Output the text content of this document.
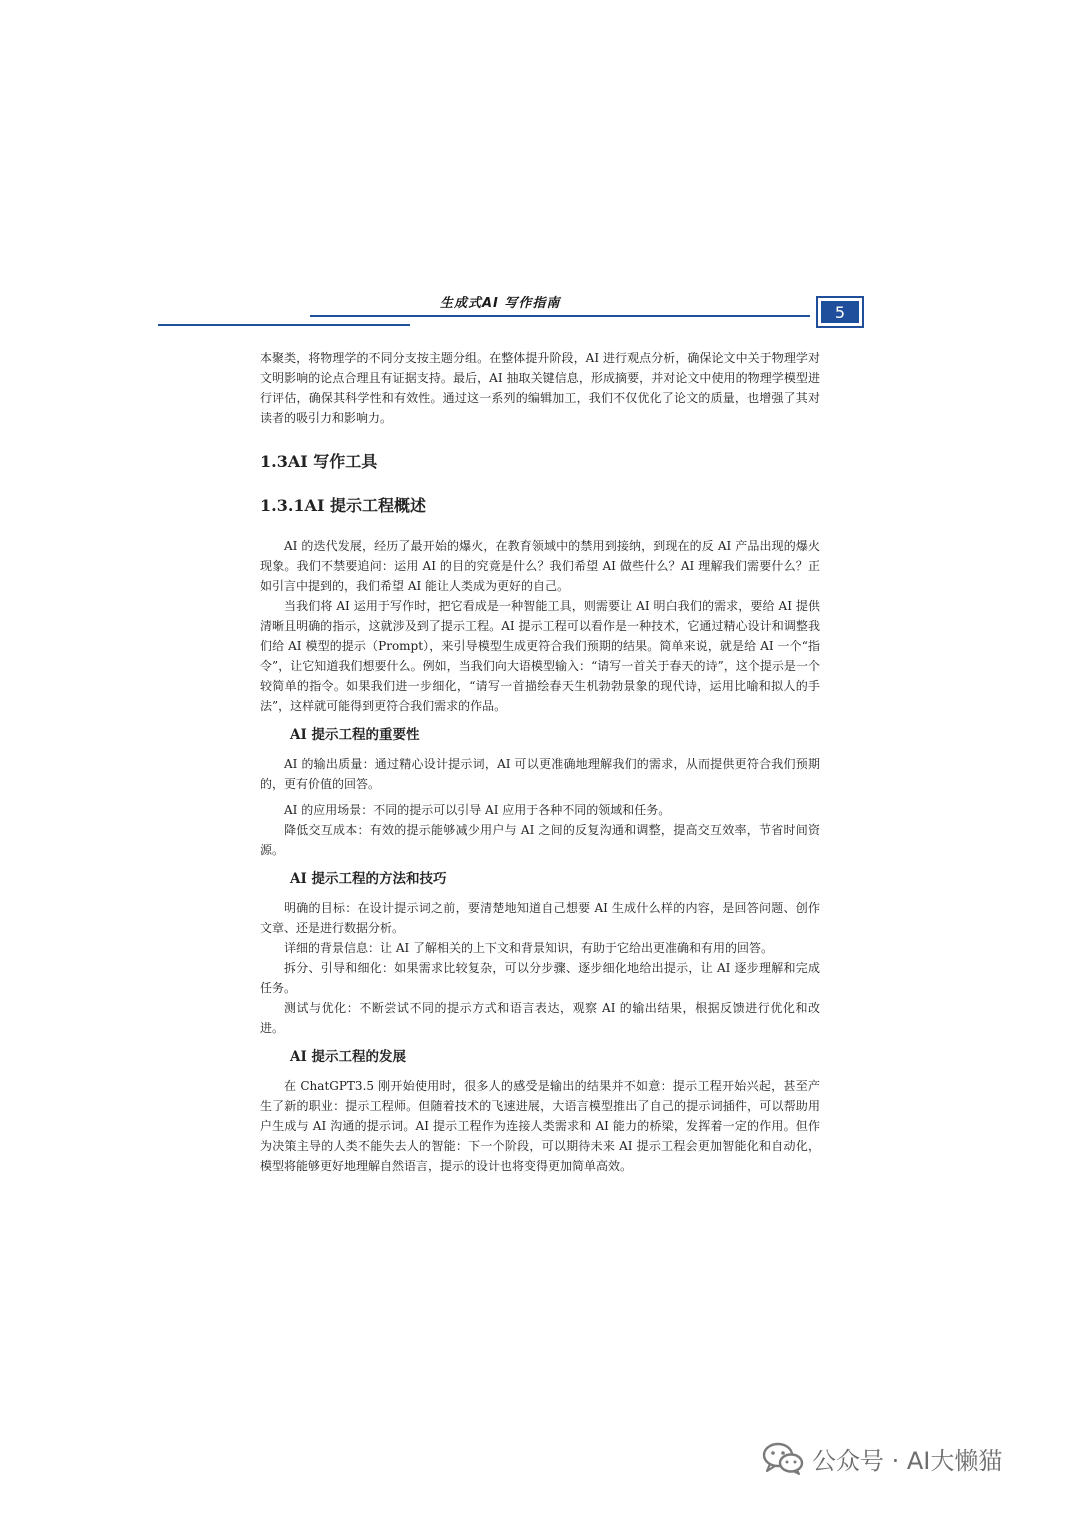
生成式AI 写作指南	5

本聚类，将物理学的不同分支按主题分组。在整体提升阶段，AI 进行观点分析，确保论文中关于物理学对文明影响的论点合理且有证据支持。最后，AI 抽取关键信息，形成摘要，并对论文中使用的物理学模型进行评估，确保其科学性和有效性。通过这一系列的编辑加工，我们不仅优化了论文的质量，也增强了其对读者的吸引力和影响力。

1.3AI 写作工具
1.3.1AI 提示工程概述

AI 的迭代发展，经历了最开始的爆火，在教育领域中的禁用到接纳，到现在的反 AI 产品出现的爆火现象。我们不禁要追问：运用 AI 的目的究竟是什么？我们希望 AI 做些什么？AI 理解我们需要什么？正如引言中提到的，我们希望 AI 能让人类成为更好的自己。

当我们将 AI 运用于写作时，把它看成是一种智能工具，则需要让 AI 明白我们的需求，要给 AI 提供清晰且明确的指示，这就涉及到了提示工程。AI 提示工程可以看作是一种技术，它通过精心设计和调整我们给 AI 模型的提示（Prompt），来引导模型生成更符合我们预期的结果。简单来说，就是给 AI 一个“指令”，让它知道我们想要什么。例如，当我们向大语模型输入：“请写一首关于春天的诗”，这个提示是一个较简单的指令。如果我们进一步细化，“请写一首描绘春天生机勃勃景象的现代诗，运用比喻和拟人的手法”，这样就可能得到更符合我们需求的作品。

AI 提示工程的重要性

AI 的输出质量：通过精心设计提示词，AI 可以更准确地理解我们的需求，从而提供更符合我们预期的，更有价值的回答。

AI 的应用场景：不同的提示可以引导 AI 应用于各种不同的领域和任务。

降低交互成本：有效的提示能够减少用户与 AI 之间的反复沟通和调整，提高交互效率，节省时间资源。

AI 提示工程的方法和技巧

明确的目标：在设计提示词之前，要清楚地知道自己想要 AI 生成什么样的内容，是回答问题、创作文章、还是进行数据分析。

详细的背景信息：让 AI 了解相关的上下文和背景知识，有助于它给出更准确和有用的回答。

拆分、引导和细化：如果需求比较复杂，可以分步骤、逐步细化地给出提示，让 AI 逐步理解和完成任务。

测试与优化：不断尝试不同的提示方式和语言表达，观察 AI 的输出结果，根据反馈进行优化和改进。

AI 提示工程的发展

在 ChatGPT3.5 刚开始使用时，很多人的感受是输出的结果并不如意：提示工程开始兴起，甚至产生了新的职业：提示工程师。但随着技术的飞速进展，大语言模型推出了自己的提示词插件，可以帮助用户生成与 AI 沟通的提示词。AI 提示工程作为连接人类需求和 AI 能力的桥梁，发挥着一定的作用。但作为决策主导的人类不能失去人的智能：下一个阶段，可以期待未来 AI 提示工程会更加智能化和自动化，模型将能够更好地理解自然语言，提示的设计也将变得更加简单高效。

公众号 · AI大懒猫
